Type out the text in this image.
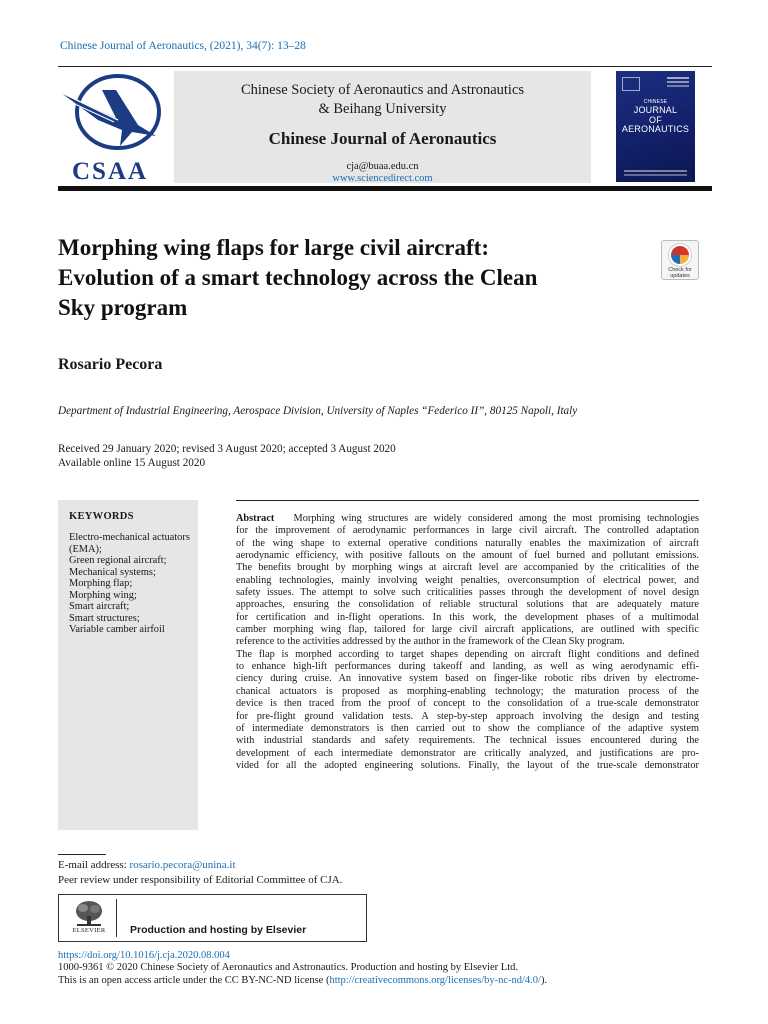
Chinese Journal of Aeronautics, (2021), 34(7): 13–28
CSAA
Chinese Society of Aeronautics and Astronautics
& Beihang University
Chinese Journal of Aeronautics
cja@buaa.edu.cn
www.sciencedirect.com
CHINESE
JOURNAL
OF
AERONAUTICS
Morphing wing flaps for large civil aircraft:
Evolution of a smart technology across the Clean
Sky program
Check for
updates
Rosario Pecora
Department of Industrial Engineering, Aerospace Division, University of Naples “Federico II”, 80125 Napoli, Italy
Received 29 January 2020; revised 3 August 2020; accepted 3 August 2020
Available online 15 August 2020
KEYWORDS
Electro-mechanical actuators
(EMA);
Green regional aircraft;
Mechanical systems;
Morphing flap;
Morphing wing;
Smart aircraft;
Smart structures;
Variable camber airfoil
Abstract Morphing wing structures are widely considered among the most promising technologies
for the improvement of aerodynamic performances in large civil aircraft. The controlled adaptation
of the wing shape to external operative conditions naturally enables the maximization of aircraft
aerodynamic efficiency, with positive fallouts on the amount of fuel burned and pollutant emissions.
The benefits brought by morphing wings at aircraft level are accompanied by the criticalities of the
enabling technologies, mainly involving weight penalties, overconsumption of electrical power, and
safety issues. The attempt to solve such criticalities passes through the development of novel design
approaches, ensuring the consolidation of reliable structural solutions that are adequately mature
for certification and in-flight operations. In this work, the development phases of a multimodal
camber morphing wing flap, tailored for large civil aircraft applications, are outlined with specific
reference to the activities addressed by the author in the framework of the Clean Sky program.
The flap is morphed according to target shapes depending on aircraft flight conditions and defined
to enhance high-lift performances during takeoff and landing, as well as wing aerodynamic effi-
ciency during cruise. An innovative system based on finger-like robotic ribs driven by electrome-
chanical actuators is proposed as morphing-enabling technology; the maturation process of the
device is then traced from the proof of concept to the consolidation of a true-scale demonstrator
for pre-flight ground validation tests. A step-by-step approach involving the design and testing
of intermediate demonstrators is then carried out to show the compliance of the adaptive system
with industrial standards and safety requirements. The technical issues encountered during the
development of each intermediate demonstrator are critically analyzed, and justifications are pro-
vided for all the adopted engineering solutions. Finally, the layout of the true-scale demonstrator
E-mail address: rosario.pecora@unina.it
Peer review under responsibility of Editorial Committee of CJA.
ELSEVIER	Production and hosting by Elsevier
https://doi.org/10.1016/j.cja.2020.08.004
1000-9361 © 2020 Chinese Society of Aeronautics and Astronautics. Production and hosting by Elsevier Ltd.
This is an open access article under the CC BY-NC-ND license (http://creativecommons.org/licenses/by-nc-nd/4.0/).
